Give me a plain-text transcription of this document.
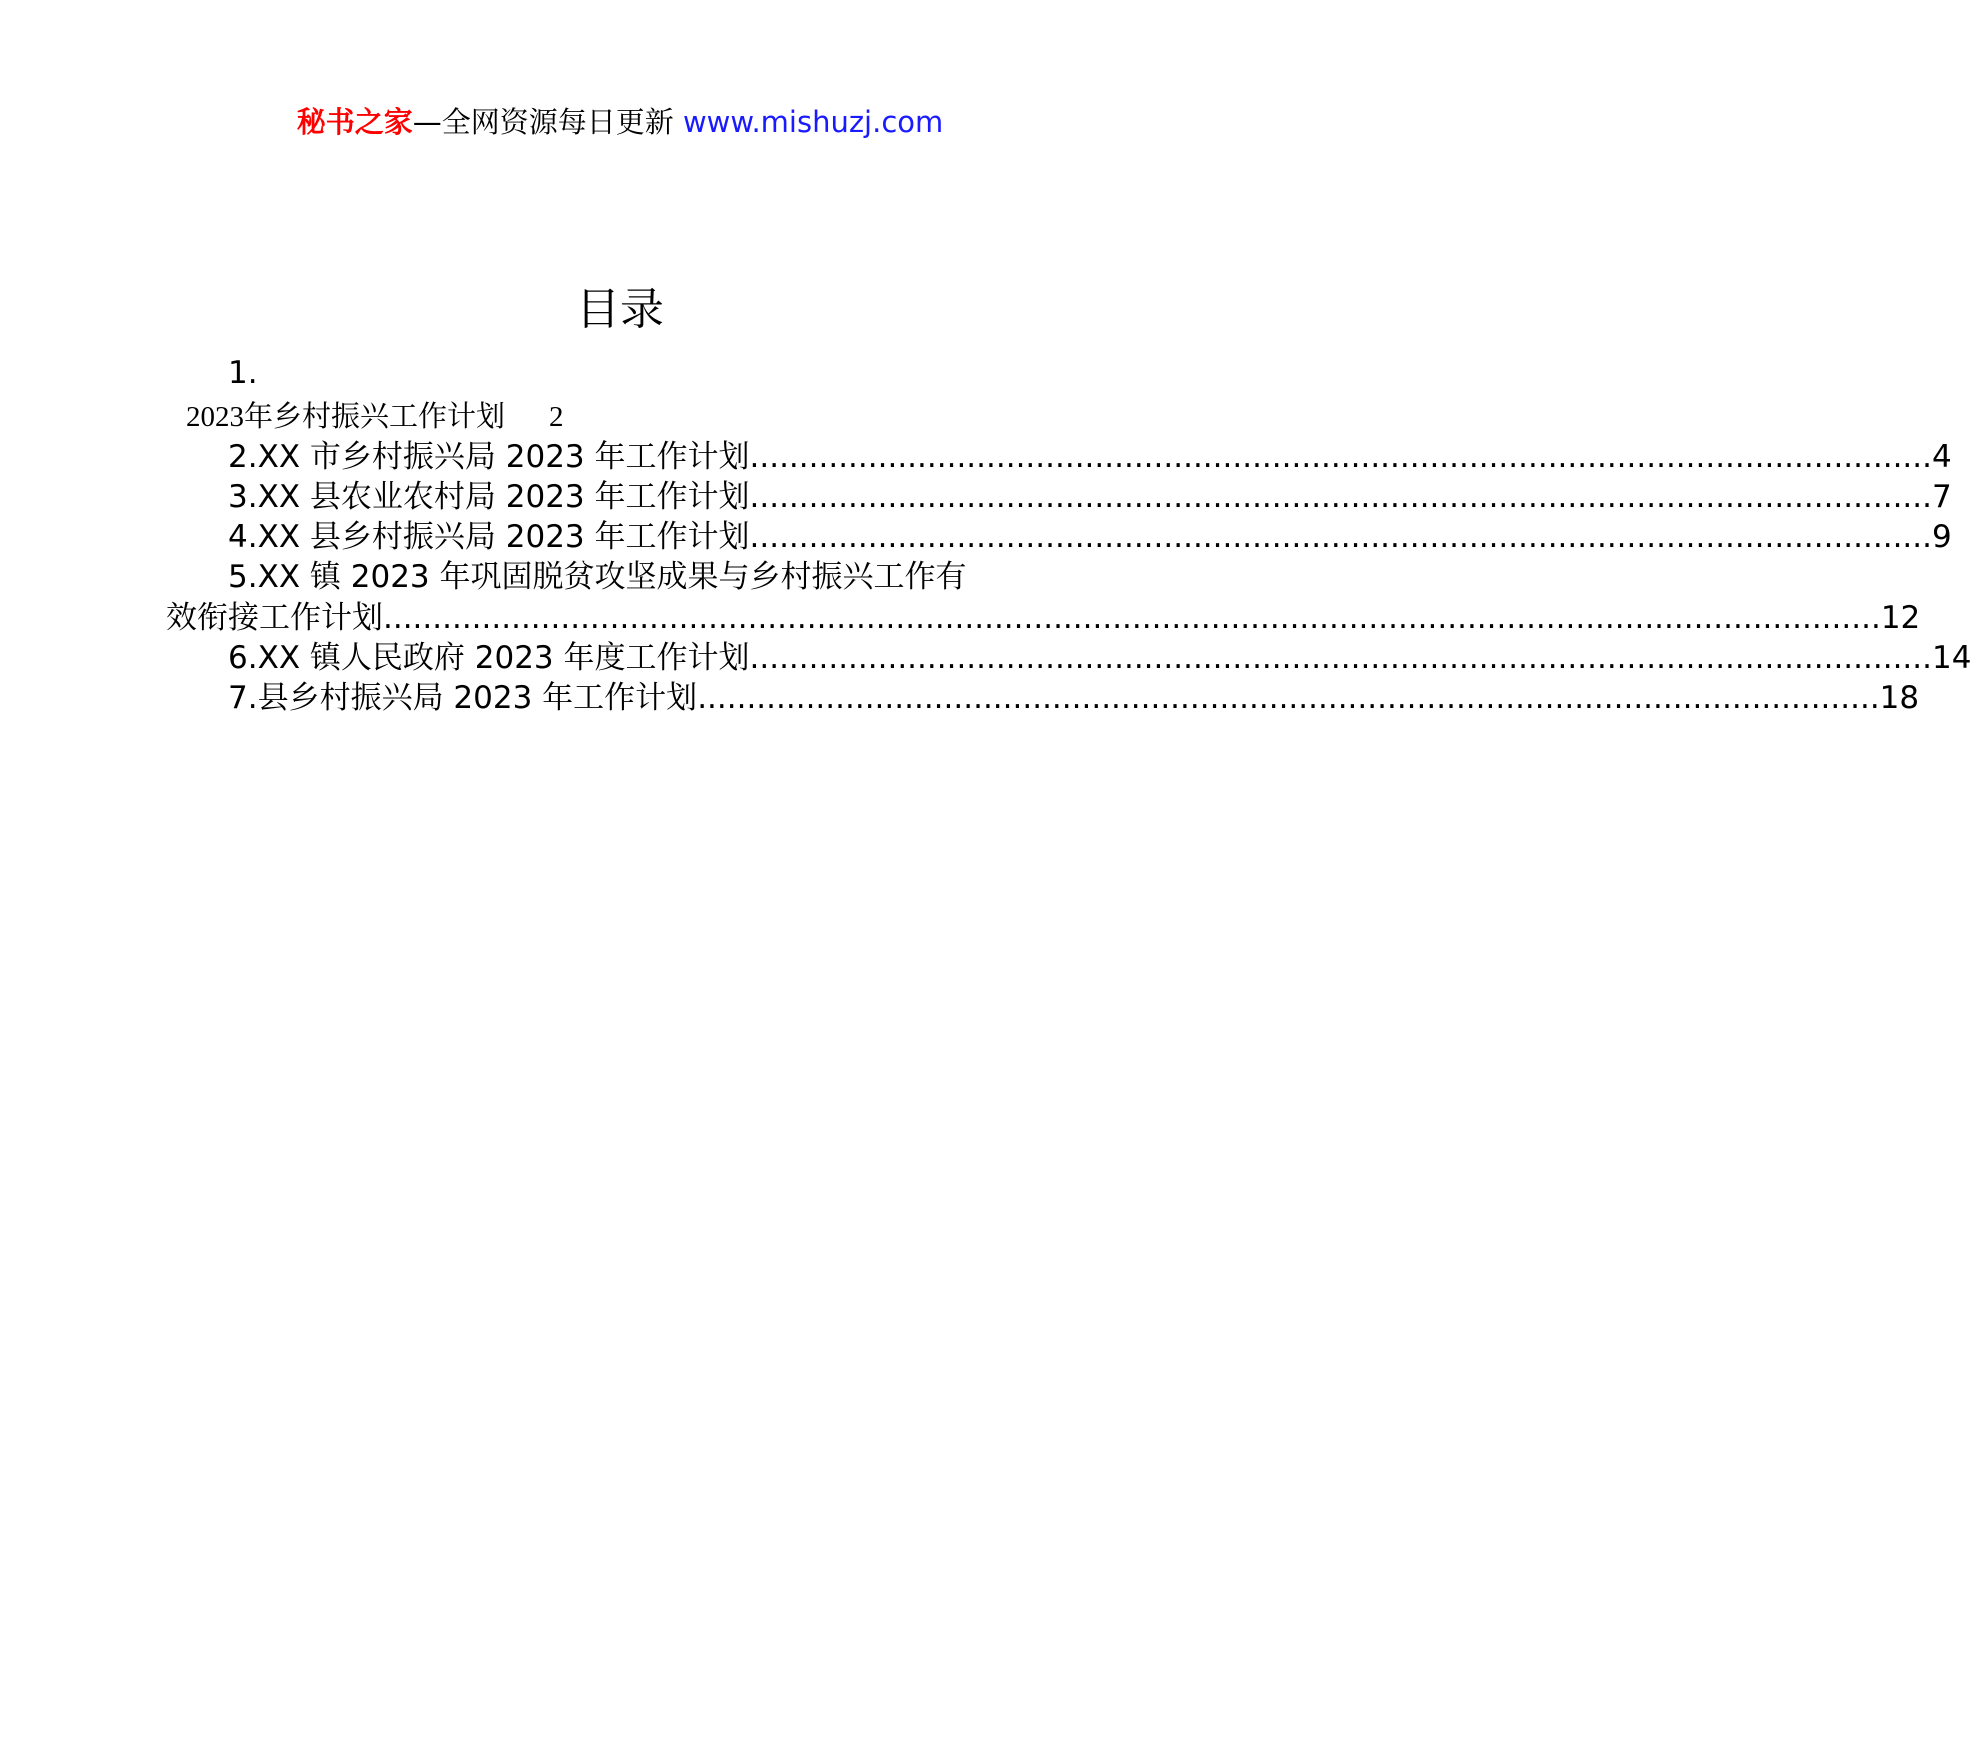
秘书之家—全网资源每日更新 www.mishuzj.com
目录
1.
2023年乡村振兴工作计划 2
2.XX 市乡村振兴局 2023 年工作计划 ........................................................................................................................ 4
3.XX 县农业农村局 2023 年工作计划 ........................................................................................................................ 7
4.XX 县乡村振兴局 2023 年工作计划 ........................................................................................................................ 9
5.XX 镇 2023 年巩固脱贫攻坚成果与乡村振兴工作有
效衔接工作计划 ........................................................................................................................................................ 12
6.XX 镇人民政府 2023 年度工作计划 ........................................................................................................................ 14
7.县乡村振兴局 2023 年工作计划 ........................................................................................................................ 18
